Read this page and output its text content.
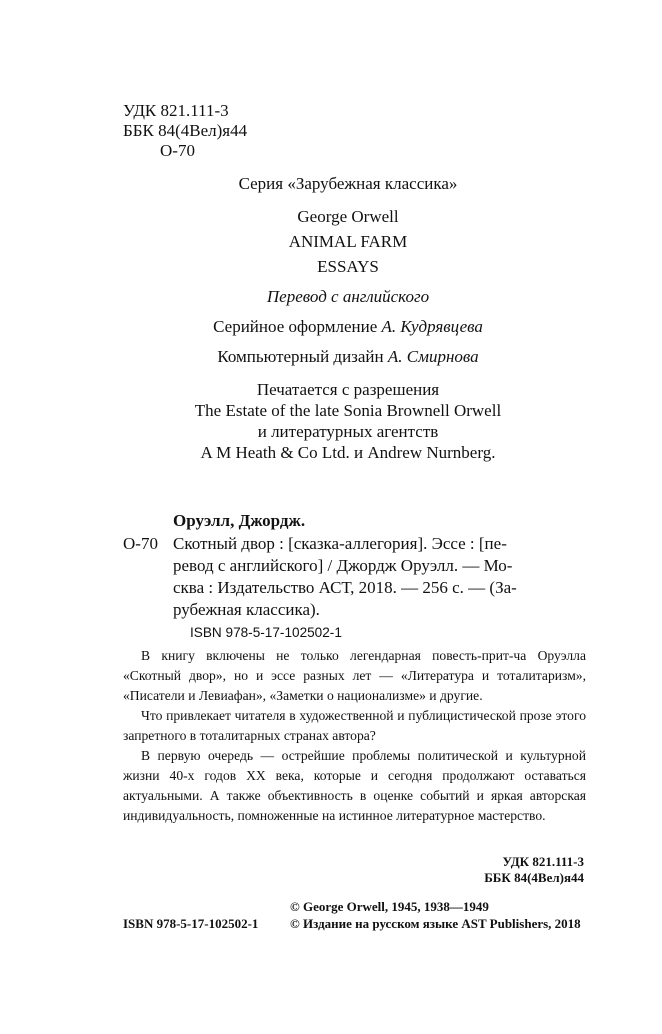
УДК 821.111-3
ББК 84(4Вел)я44
О-70
Серия «Зарубежная классика»
George Orwell
ANIMAL FARM
ESSAYS
Перевод с английского
Серийное оформление А. Кудрявцева
Компьютерный дизайн А. Смирнова
Печатается с разрешения
The Estate of the late Sonia Brownell Orwell
и литературных агентств
A M Heath & Co Ltd. и Andrew Nurnberg.
Оруэлл, Джордж.
О-70 Скотный двор : [сказка-аллегория]. Эссе : [пе-
ревод с английского] / Джордж Оруэлл. — Мо-
сква : Издательство АСТ, 2018. — 256 с. — (За-
рубежная классика).
ISBN 978-5-17-102502-1

В книгу включены не только легендарная повесть-прит-ча Оруэлла «Скотный двор», но и эссе разных лет — «Литература и тоталитаризм», «Писатели и Левиафан», «Заметки о национализме» и другие.

Что привлекает читателя в художественной и публицистической прозе этого запретного в тоталитарных странах автора?

В первую очередь — острейшие проблемы политической и культурной жизни 40-х годов XX века, которые и сегодня продолжают оставаться актуальными. А также объективность в оценке событий и яркая авторская индивидуальность, помноженные на истинное литературное мастерство.

УДК 821.111-3
ББК 84(4Вел)я44
© George Orwell, 1945, 1938—1949
ISBN 978-5-17-102502-1 © Издание на русском языке AST Publishers, 2018
